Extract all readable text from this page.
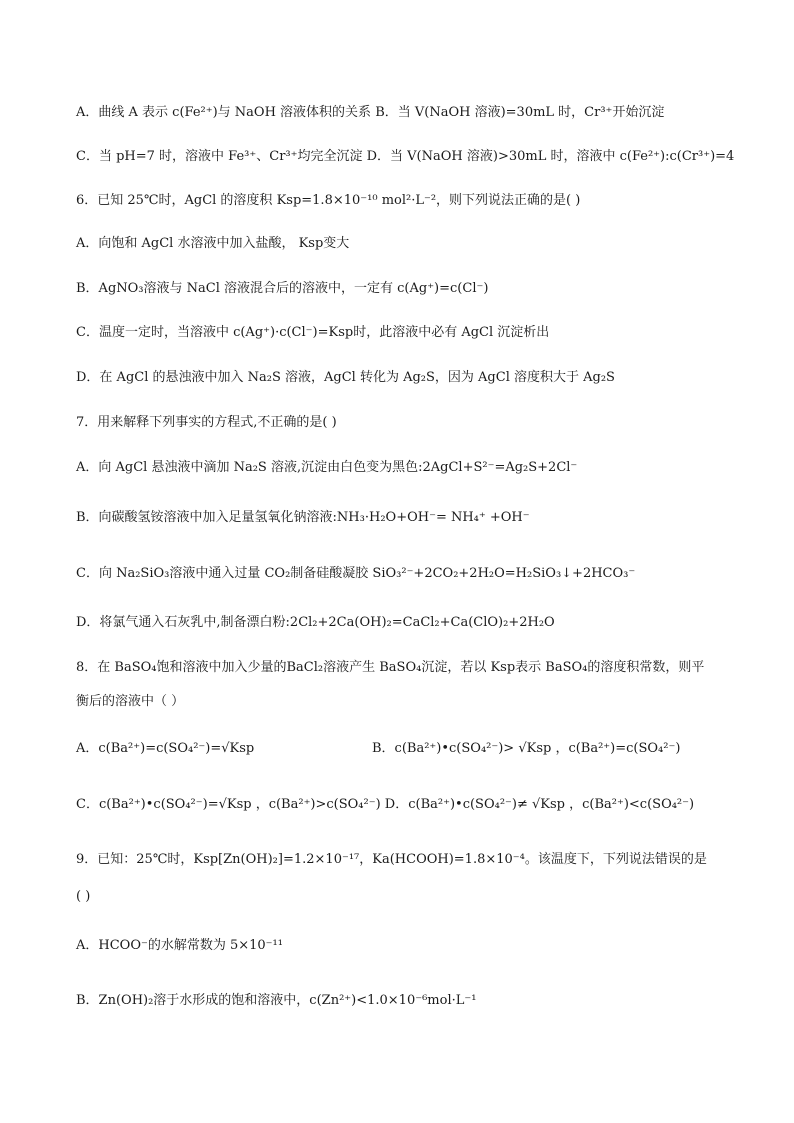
A．曲线 A 表示 c(Fe²⁺)与 NaOH 溶液体积的关系 B．当 V(NaOH 溶液)=30mL 时，Cr³⁺开始沉淀
C．当 pH=7 时，溶液中 Fe³⁺、Cr³⁺均完全沉淀 D．当 V(NaOH 溶液)>30mL 时，溶液中 c(Fe²⁺):c(Cr³⁺)=4
6．已知 25℃时，AgCl 的溶度积 Ksp=1.8×10⁻¹⁰ mol²·L⁻²，则下列说法正确的是( )
A．向饱和 AgCl 水溶液中加入盐酸， Ksp变大
B．AgNO₃溶液与 NaCl 溶液混合后的溶液中，一定有 c(Ag⁺)=c(Cl⁻)
C．温度一定时，当溶液中 c(Ag⁺)·c(Cl⁻)=Ksp时，此溶液中必有 AgCl 沉淀析出
D．在 AgCl 的悬浊液中加入 Na₂S 溶液，AgCl 转化为 Ag₂S，因为 AgCl 溶度积大于 Ag₂S
7．用来解释下列事实的方程式,不正确的是( )
A．向 AgCl 悬浊液中滴加 Na₂S 溶液,沉淀由白色变为黑色:2AgCl+S²⁻=Ag₂S+2Cl⁻
B．向碳酸氢铵溶液中加入足量氢氧化钠溶液:NH₃·H₂O+OH⁻= NH₄⁺ +OH⁻
C．向 Na₂SiO₃溶液中通入过量 CO₂制备硅酸凝胶 SiO₃²⁻+2CO₂+2H₂O=H₂SiO₃↓+2HCO₃⁻
D．将氯气通入石灰乳中,制备漂白粉:2Cl₂+2Ca(OH)₂=CaCl₂+Ca(ClO)₂+2H₂O
8．在 BaSO₄饱和溶液中加入少量的BaCl₂溶液产生 BaSO₄沉淀，若以 Ksp表示 BaSO₄的溶度积常数，则平
衡后的溶液中（ ）
A．c(Ba²⁺)=c(SO₄²⁻)=√Ksp
C．c(Ba²⁺)•c(SO₄²⁻)=√Ksp ，c(Ba²⁺)>c(SO₄²⁻) D．c(Ba²⁺)•c(SO₄²⁻)≠ √Ksp ，c(Ba²⁺)<c(SO₄²⁻)
9．已知：25℃时，Ksp[Zn(OH)₂]=1.2×10⁻¹⁷，Ka(HCOOH)=1.8×10⁻⁴。该温度下，下列说法错误的是
( )
A．HCOO⁻的水解常数为 5×10⁻¹¹
B．Zn(OH)₂溶于水形成的饱和溶液中，c(Zn²⁺)<1.0×10⁻⁶mol·L⁻¹
B．c(Ba²⁺)•c(SO₄²⁻)> √Ksp ，c(Ba²⁺)=c(SO₄²⁻)
